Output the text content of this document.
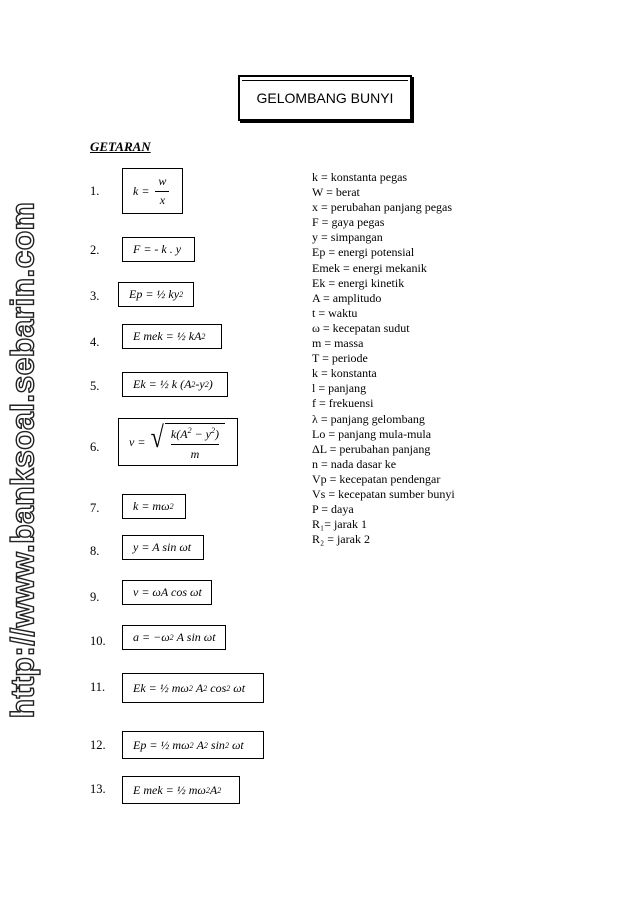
http://www.banksoal.sebarin.com
GELOMBANG BUNYI
GETARAN
1.	$k = \frac{w}{x}$
2.	F = - k . y
3.	Ep = ½ ky 2
4.	E mek = ½ kA 2
5.	Ek = ½ k (A 2 -y 2 )
6.	v = √ $k(A^2 - y^2)$
m
7.	k = mω 2
8.	y = A sin ωt
9.	v = ωA cos ωt
10.	a = −ω 2 A sin ωt
11.	Ek = ½ mω 2 A 2 cos 2 ωt
12.	Ep = ½ mω 2 A 2 sin 2 ωt
13.	E mek = ½ mω 2 A 2
k = konstanta pegas
W = berat
x = perubahan panjang pegas
F = gaya pegas
y = simpangan
Ep = energi potensial
Emek = energi mekanik
Ek = energi kinetik
A = amplitudo
t = waktu
ω = kecepatan sudut
m = massa
T = periode
k = konstanta
l = panjang
f = frekuensi
λ = panjang gelombang
Lo = panjang mula-mula
ΔL = perubahan panjang
n = nada dasar ke
Vp = kecepatan pendengar
Vs = kecepatan sumber bunyi
P = daya
R₁= jarak 1
R₂ = jarak 2
